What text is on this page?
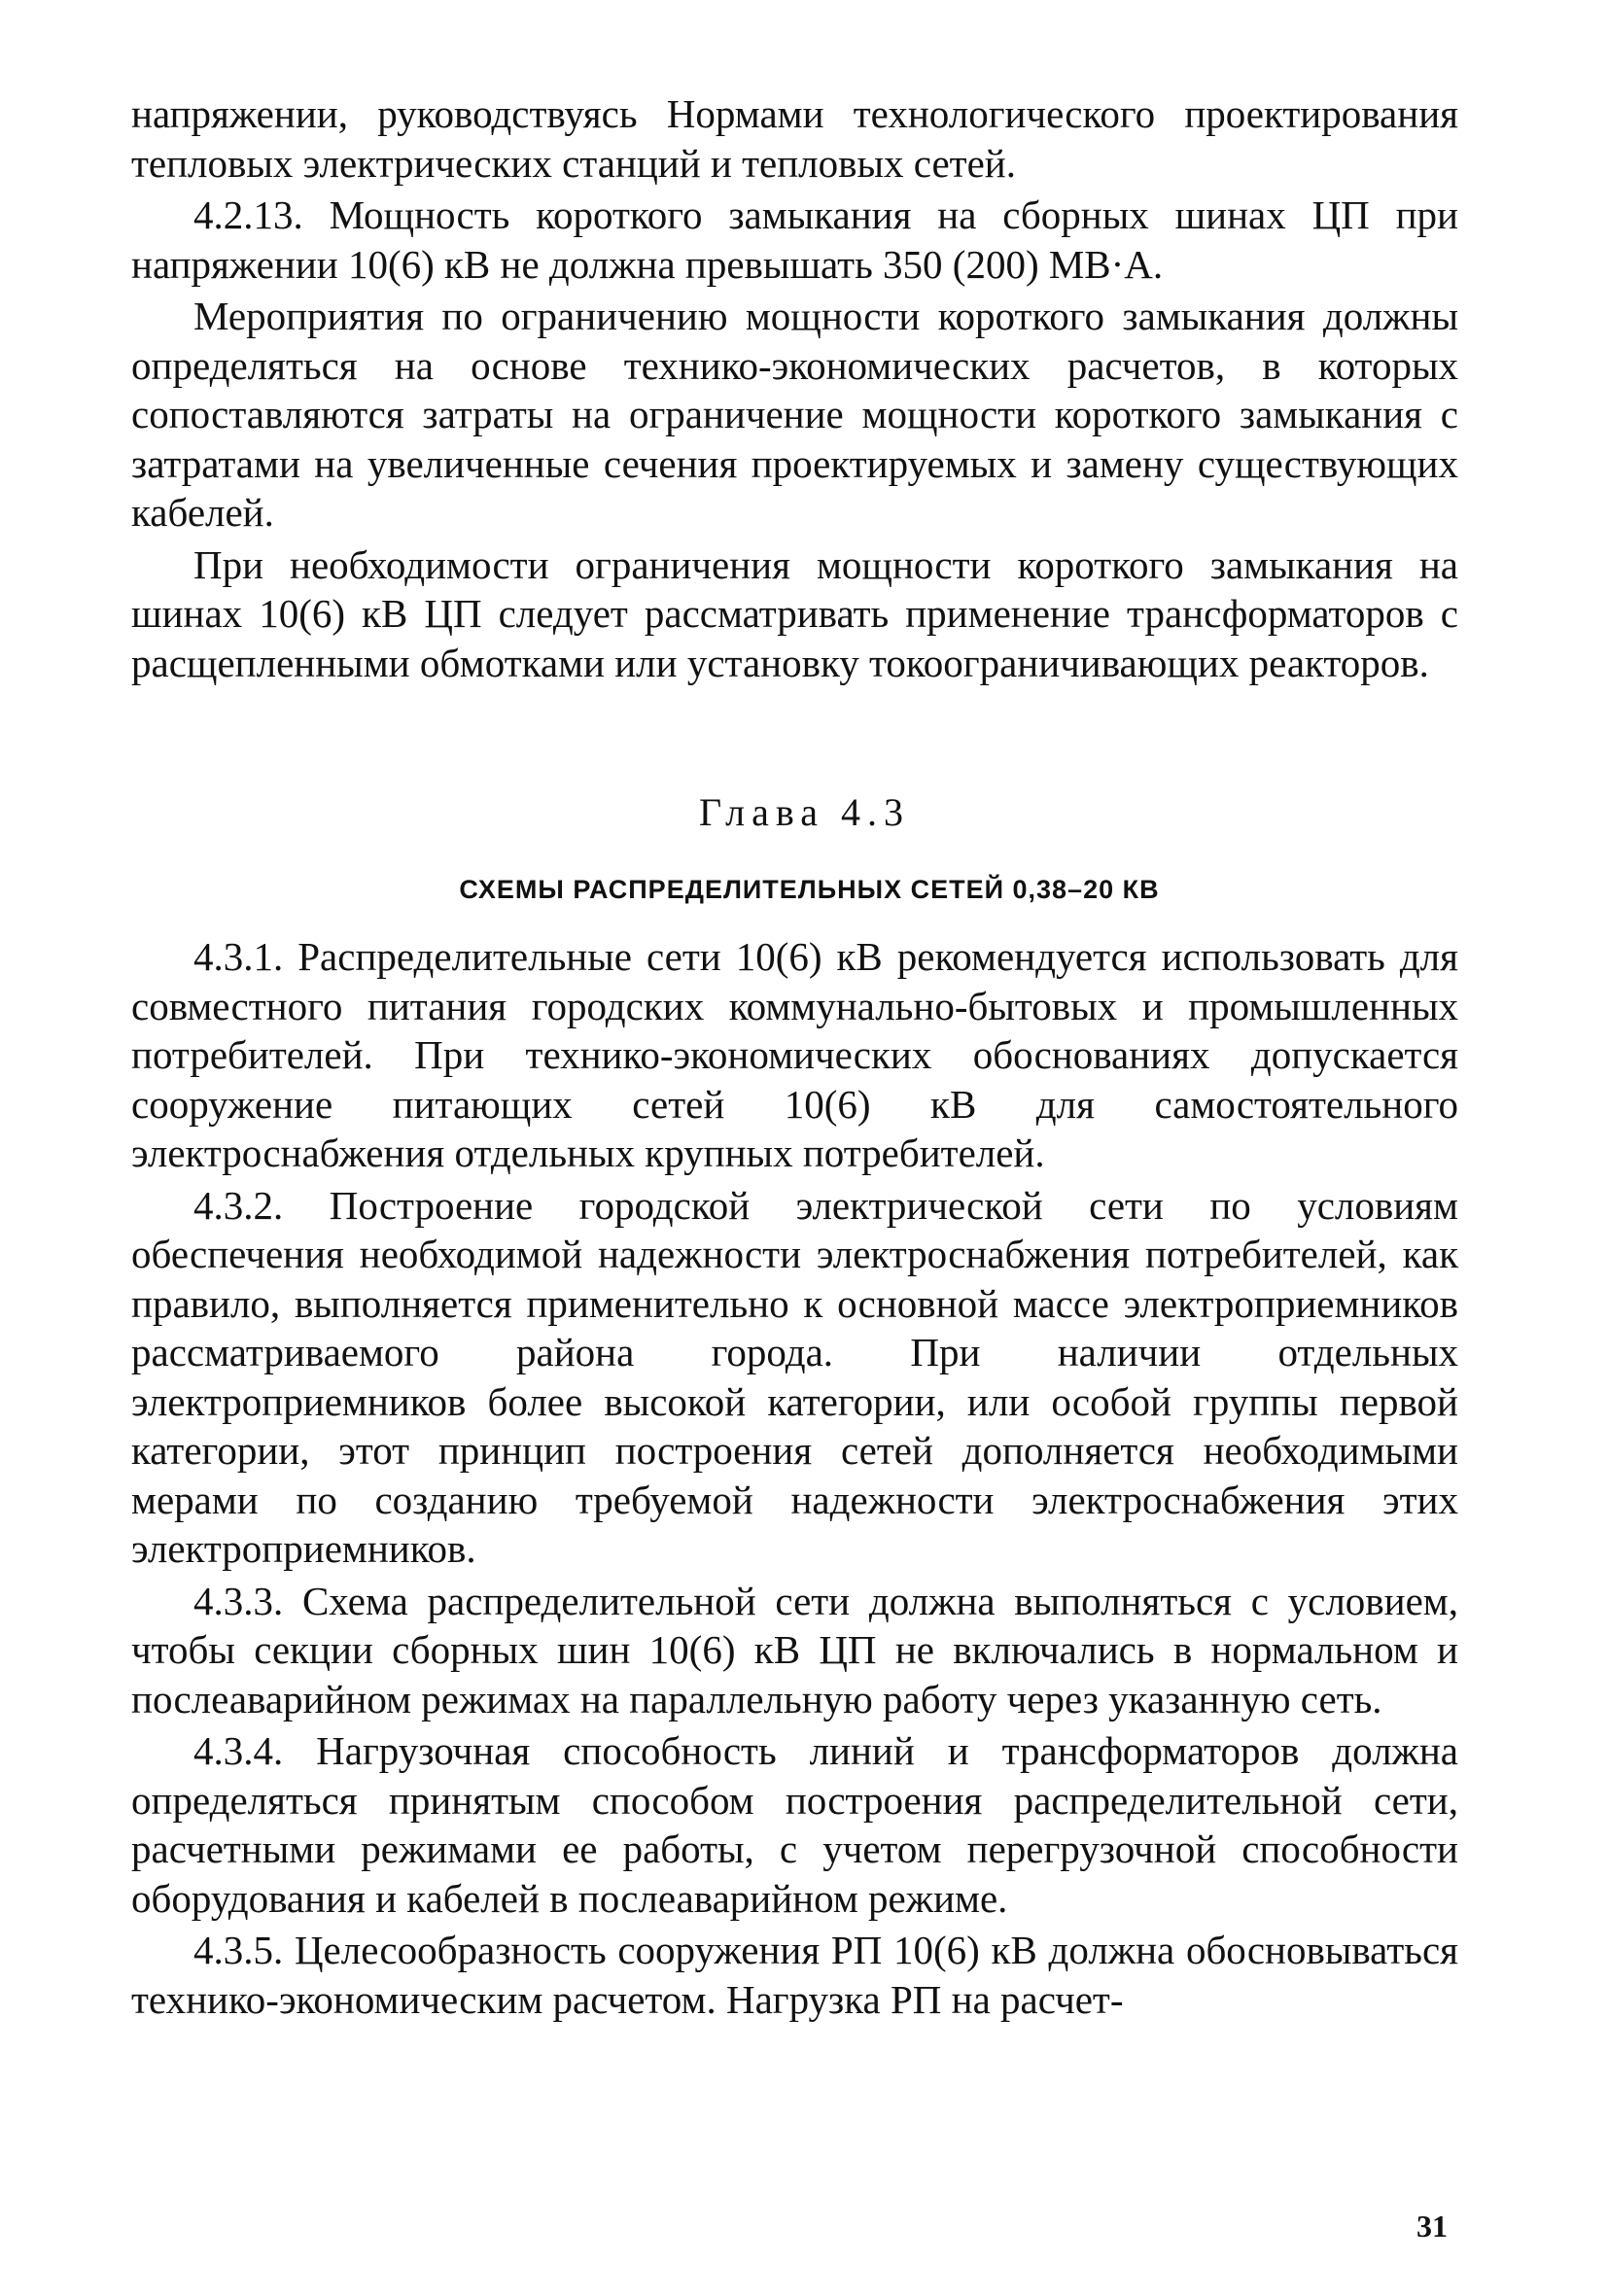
напряжении, руководствуясь Нормами технологического проектирования тепловых электрических станций и тепловых сетей.

4.2.13. Мощность короткого замыкания на сборных шинах ЦП при напряжении 10(6) кВ не должна превышать 350 (200) МВ·А.

Мероприятия по ограничению мощности короткого замыкания должны определяться на основе технико-экономических расчетов, в которых сопоставляются затраты на ограничение мощности короткого замыкания с затратами на увеличенные сечения проектируемых и замену существующих кабелей.

При необходимости ограничения мощности короткого замыкания на шинах 10(6) кВ ЦП следует рассматривать применение трансформаторов с расщепленными обмотками или установку токоограничивающих реакторов.

Глава 4.3
СХЕМЫ РАСПРЕДЕЛИТЕЛЬНЫХ СЕТЕЙ 0,38–20 КВ

4.3.1. Распределительные сети 10(6) кВ рекомендуется использовать для совместного питания городских коммунально-бытовых и промышленных потребителей. При технико-экономических обоснованиях допускается сооружение питающих сетей 10(6) кВ для самостоятельного электроснабжения отдельных крупных потребителей.

4.3.2. Построение городской электрической сети по условиям обеспечения необходимой надежности электроснабжения потребителей, как правило, выполняется применительно к основной массе электроприемников рассматриваемого района города. При наличии отдельных электроприемников более высокой категории, или особой группы первой категории, этот принцип построения сетей дополняется необходимыми мерами по созданию требуемой надежности электроснабжения этих электроприемников.

4.3.3. Схема распределительной сети должна выполняться с условием, чтобы секции сборных шин 10(6) кВ ЦП не включались в нормальном и послеаварийном режимах на параллельную работу через указанную сеть.

4.3.4. Нагрузочная способность линий и трансформаторов должна определяться принятым способом построения распределительной сети, расчетными режимами ее работы, с учетом перегрузочной способности оборудования и кабелей в послеаварийном режиме.

4.3.5. Целесообразность сооружения РП 10(6) кВ должна обосновываться технико-экономическим расчетом. Нагрузка РП на расчет-

31
